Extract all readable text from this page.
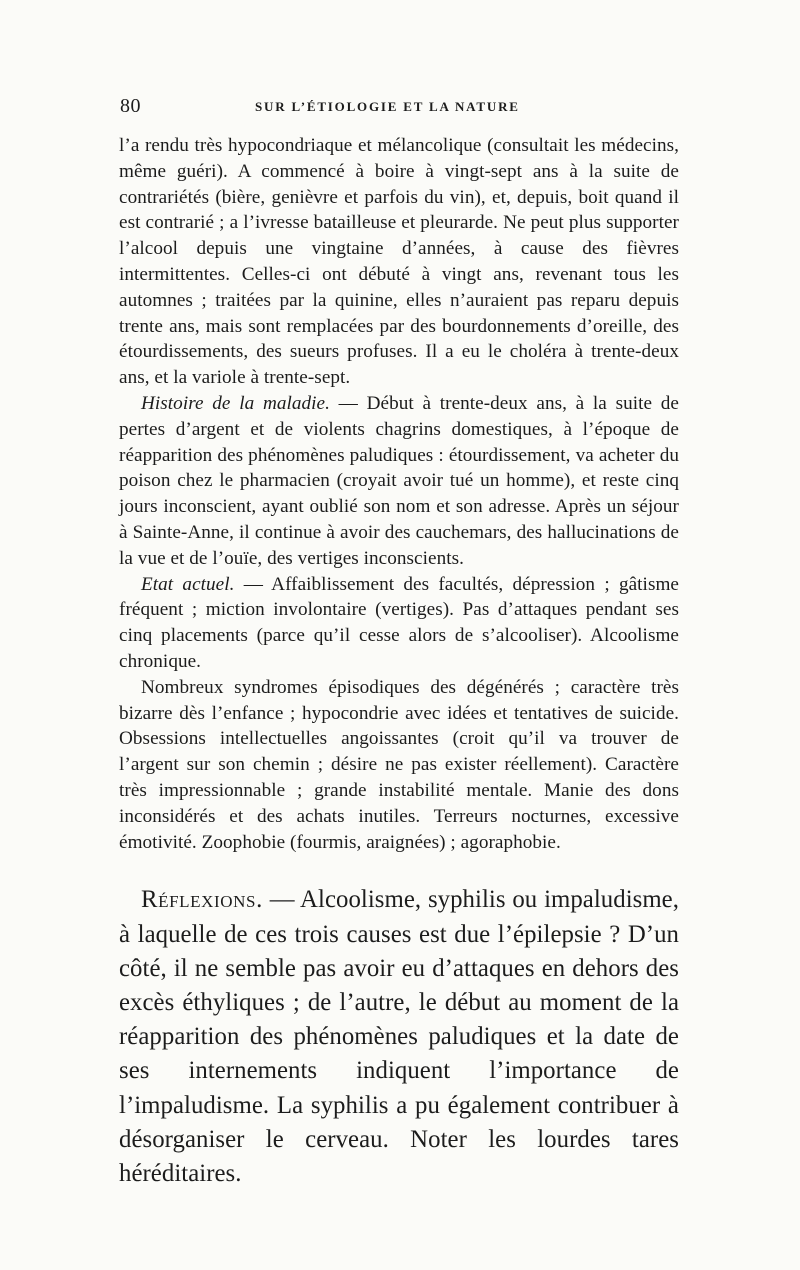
80	SUR L’ÉTIOLOGIE ET LA NATURE

l’a rendu très hypocondriaque et mélancolique (consultait les médecins, même guéri). A commencé à boire à vingt-sept ans à la suite de contrariétés (bière, genièvre et parfois du vin), et, depuis, boit quand il est contrarié ; a l’ivresse batailleuse et pleurarde. Ne peut plus supporter l’alcool depuis une vingtaine d’années, à cause des fièvres intermittentes. Celles-ci ont débuté à vingt ans, revenant tous les automnes ; traitées par la quinine, elles n’auraient pas reparu depuis trente ans, mais sont remplacées par des bourdonnements d’oreille, des étourdissements, des sueurs profuses. Il a eu le choléra à trente-deux ans, et la variole à trente-sept.

Histoire de la maladie. — Début à trente-deux ans, à la suite de pertes d’argent et de violents chagrins domestiques, à l’époque de réapparition des phénomènes paludiques : étourdissement, va acheter du poison chez le pharmacien (croyait avoir tué un homme), et reste cinq jours inconscient, ayant oublié son nom et son adresse. Après un séjour à Sainte-Anne, il continue à avoir des cauchemars, des hallucinations de la vue et de l’ouïe, des vertiges inconscients.

Etat actuel. — Affaiblissement des facultés, dépression ; gâtisme fréquent ; miction involontaire (vertiges). Pas d’attaques pendant ses cinq placements (parce qu’il cesse alors de s’alcooliser). Alcoolisme chronique.

Nombreux syndromes épisodiques des dégénérés ; caractère très bizarre dès l’enfance ; hypocondrie avec idées et tentatives de suicide. Obsessions intellectuelles angoissantes (croit qu’il va trouver de l’argent sur son chemin ; désire ne pas exister réellement). Caractère très impressionnable ; grande instabilité mentale. Manie des dons inconsidérés et des achats inutiles. Terreurs nocturnes, excessive émotivité. Zoophobie (fourmis, araignées) ; agoraphobie.

Réflexions. — Alcoolisme, syphilis ou impaludisme, à laquelle de ces trois causes est due l’épilepsie ? D’un côté, il ne semble pas avoir eu d’attaques en dehors des excès éthyliques ; de l’autre, le début au moment de la réapparition des phénomènes paludiques et la date de ses internements indiquent l’importance de l’impaludisme. La syphilis a pu également contribuer à désorganiser le cerveau. Noter les lourdes tares héréditaires.
